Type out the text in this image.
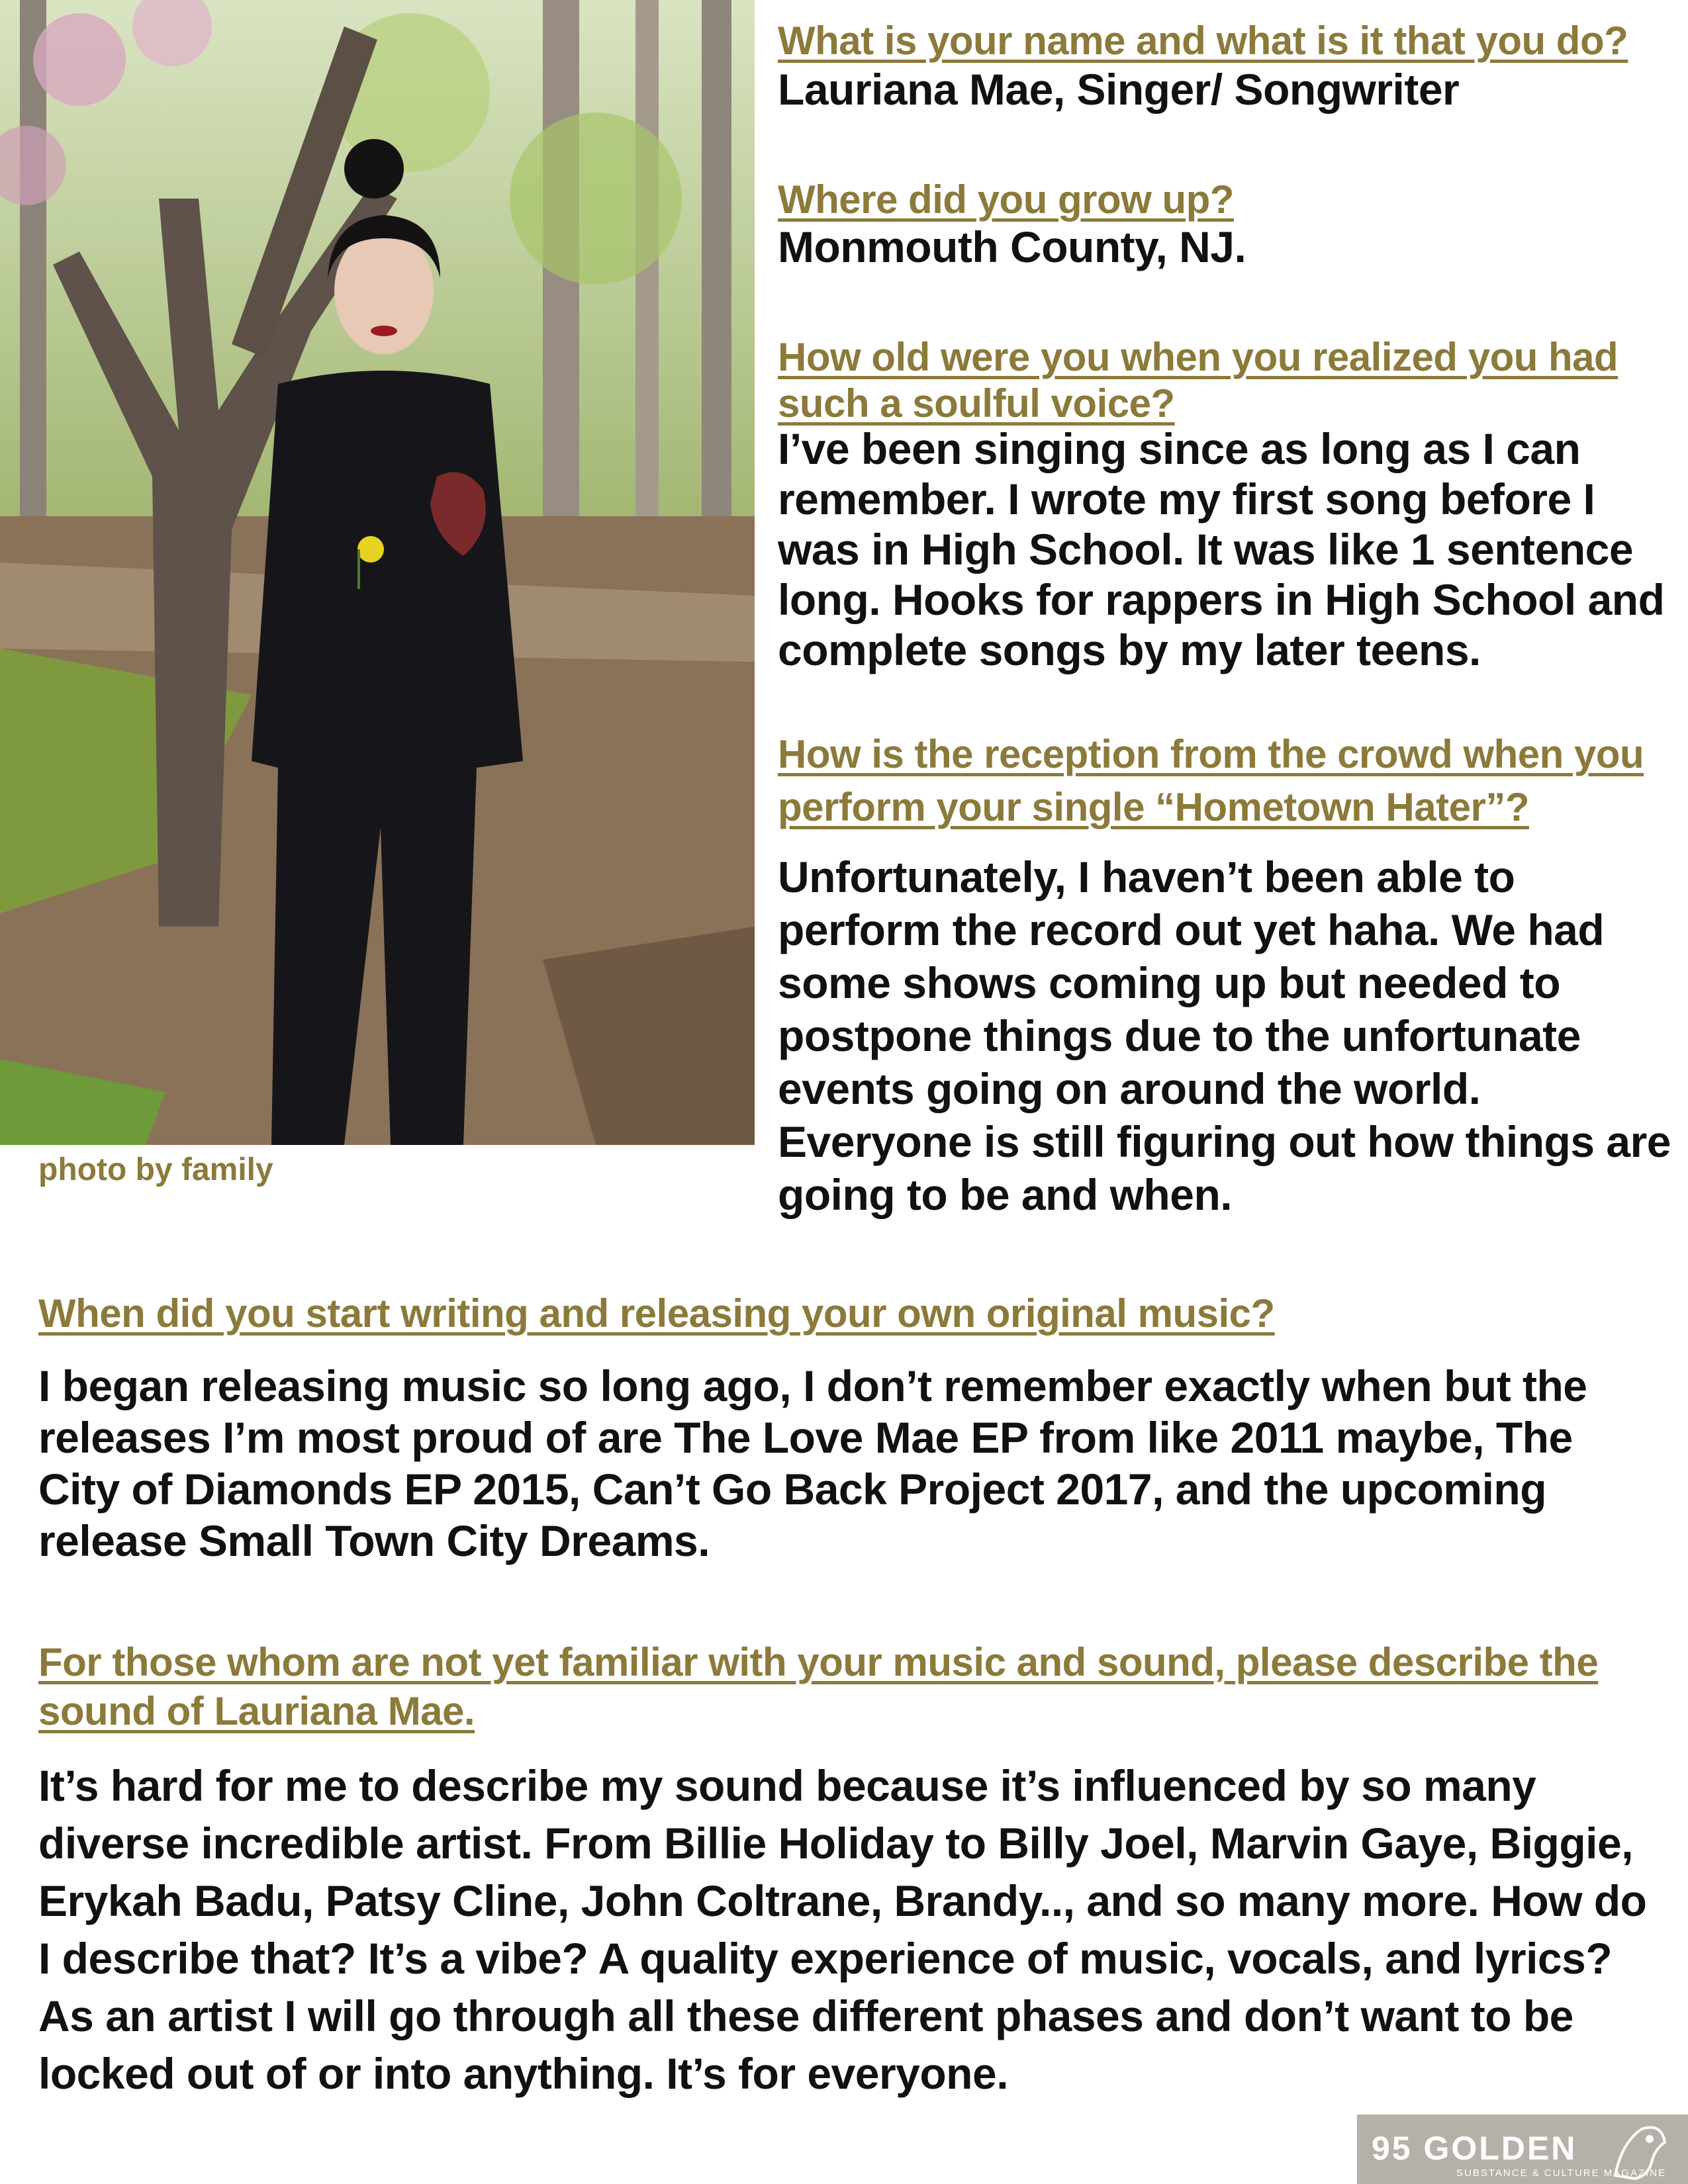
photo by family

What is your name and what is it that you do?

Lauriana Mae, Singer/ Songwriter

Where did you grow up?

Monmouth County, NJ.

How old were you when you realized you had such a soulful voice?

I’ve been singing since as long as I can remember. I wrote my first song before I was in High School. It was like 1 sentence long. Hooks for rappers in High School and complete songs by my later teens.

How is the reception from the crowd when you perform your single “Hometown Hater”?

Unfortunately, I haven’t been able to perform the record out yet haha. We had some shows coming up but needed to postpone things due to the unfortunate events going on around the world. Everyone is still figuring out how things are going to be and when.

When did you start writing and releasing your own original music?

I began releasing music so long ago, I don’t remember exactly when but the releases I’m most proud of are The Love Mae EP from like 2011 maybe, The City of Diamonds EP 2015, Can’t Go Back Project 2017, and the upcoming release Small Town City Dreams.

For those whom are not yet familiar with your music and sound, please describe the sound of Lauriana Mae.

It’s hard for me to describe my sound because it’s influenced by so many diverse incredible artist. From Billie Holiday to Billy Joel, Marvin Gaye, Biggie, Erykah Badu, Patsy Cline, John Coltrane, Brandy.., and so many more. How do I describe that? It’s a vibe? A quality experience of music, vocals, and lyrics? As an artist I will go through all these different phases and don’t want to be locked out of or into anything. It’s for everyone.

95 GOLDEN
SUBSTANCE & CULTURE MAGAZINE
